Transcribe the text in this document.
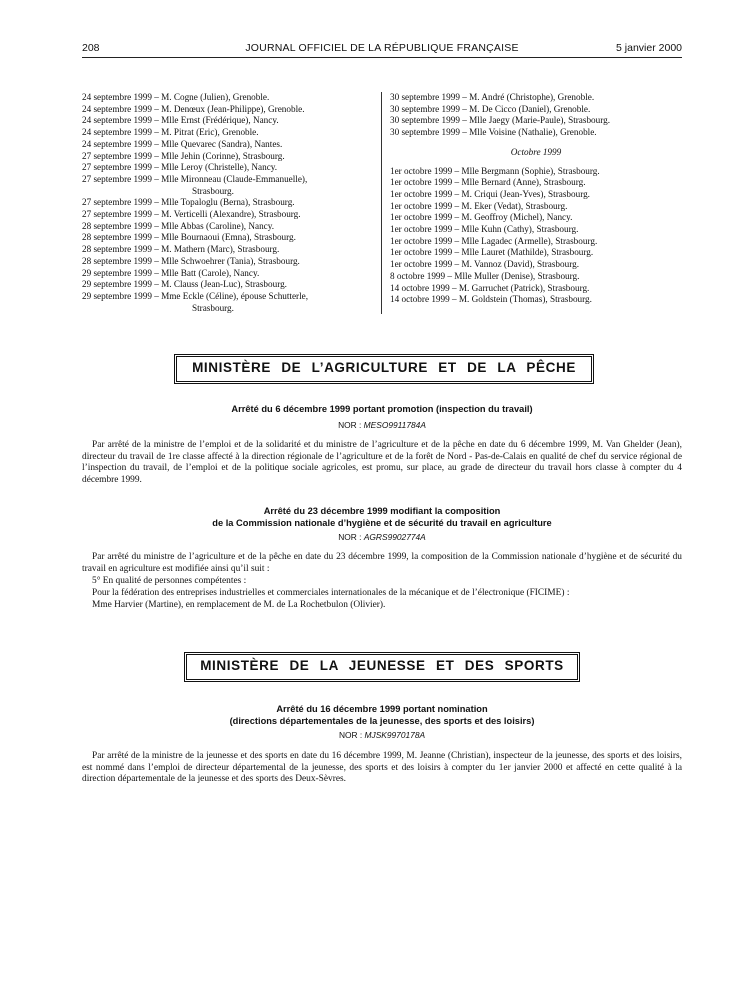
208	JOURNAL OFFICIEL DE LA RÉPUBLIQUE FRANÇAISE	5 janvier 2000
24 septembre 1999 – M. Cogne (Julien), Grenoble.
24 septembre 1999 – M. Denœux (Jean-Philippe), Grenoble.
24 septembre 1999 – Mlle Ernst (Frédérique), Nancy.
24 septembre 1999 – M. Pitrat (Eric), Grenoble.
24 septembre 1999 – Mlle Quevarec (Sandra), Nantes.
27 septembre 1999 – Mlle Jehin (Corinne), Strasbourg.
27 septembre 1999 – Mlle Leroy (Christelle), Nancy.
27 septembre 1999 – Mlle Mironneau (Claude-Emmanuelle),
Strasbourg.
27 septembre 1999 – Mlle Topaloglu (Berna), Strasbourg.
27 septembre 1999 – M. Verticelli (Alexandre), Strasbourg.
28 septembre 1999 – Mlle Abbas (Caroline), Nancy.
28 septembre 1999 – Mlle Bournaoui (Emna), Strasbourg.
28 septembre 1999 – M. Mathern (Marc), Strasbourg.
28 septembre 1999 – Mlle Schwoehrer (Tania), Strasbourg.
29 septembre 1999 – Mlle Batt (Carole), Nancy.
29 septembre 1999 – M. Clauss (Jean-Luc), Strasbourg.
29 septembre 1999 – Mme Eckle (Céline), épouse Schutterle,
Strasbourg.
30 septembre 1999 – M. André (Christophe), Grenoble.
30 septembre 1999 – M. De Cicco (Daniel), Grenoble.
30 septembre 1999 – Mlle Jaegy (Marie-Paule), Strasbourg.
30 septembre 1999 – Mlle Voisine (Nathalie), Grenoble.
Octobre 1999
1er octobre 1999 – Mlle Bergmann (Sophie), Strasbourg.
1er octobre 1999 – Mlle Bernard (Anne), Strasbourg.
1er octobre 1999 – M. Criqui (Jean-Yves), Strasbourg.
1er octobre 1999 – M. Eker (Vedat), Strasbourg.
1er octobre 1999 – M. Geoffroy (Michel), Nancy.
1er octobre 1999 – Mlle Kuhn (Cathy), Strasbourg.
1er octobre 1999 – Mlle Lagadec (Armelle), Strasbourg.
1er octobre 1999 – Mlle Lauret (Mathilde), Strasbourg.
1er octobre 1999 – M. Vannoz (David), Strasbourg.
8 octobre 1999 – Mlle Muller (Denise), Strasbourg.
14 octobre 1999 – M. Garruchet (Patrick), Strasbourg.
14 octobre 1999 – M. Goldstein (Thomas), Strasbourg.
MINISTÈRE DE L’AGRICULTURE ET DE LA PÊCHE
Arrêté du 6 décembre 1999 portant promotion (inspection du travail)
NOR : MESO9911784A
Par arrêté de la ministre de l’emploi et de la solidarité et du ministre de l’agriculture et de la pêche en date du 6 décembre 1999, M. Van Ghelder (Jean), directeur du travail de 1re classe affecté à la direction régionale de l’agriculture et de la forêt de Nord - Pas-de-Calais en qualité de chef du service régional de l’inspection du travail, de l’emploi et de la politique sociale agricoles, est promu, sur place, au grade de directeur du travail hors classe à compter du 4 décembre 1999.
Arrêté du 23 décembre 1999 modifiant la composition
de la Commission nationale d’hygiène et de sécurité du travail en agriculture
NOR : AGRS9902774A
Par arrêté du ministre de l’agriculture et de la pêche en date du 23 décembre 1999, la composition de la Commission nationale d’hygiène et de sécurité du travail en agriculture est modifiée ainsi qu’il suit :
5° En qualité de personnes compétentes :
Pour la fédération des entreprises industrielles et commerciales internationales de la mécanique et de l’électronique (FICIME) :
Mme Harvier (Martine), en remplacement de M. de La Rochetbulon (Olivier).
MINISTÈRE DE LA JEUNESSE ET DES SPORTS
Arrêté du 16 décembre 1999 portant nomination
(directions départementales de la jeunesse, des sports et des loisirs)
NOR : MJSK9970178A
Par arrêté de la ministre de la jeunesse et des sports en date du 16 décembre 1999, M. Jeanne (Christian), inspecteur de la jeunesse, des sports et des loisirs, est nommé dans l’emploi de directeur départemental de la jeunesse, des sports et des loisirs à compter du 1er janvier 2000 et affecté en cette qualité à la direction départementale de la jeunesse et des sports des Deux-Sèvres.
